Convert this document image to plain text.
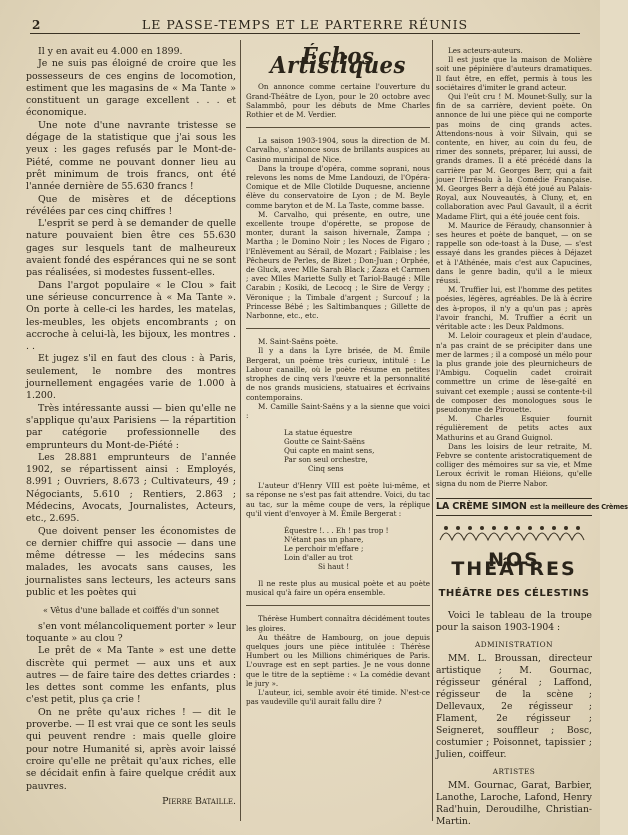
2	LE PASSE-TEMPS ET LE PARTERRE RÉUNIS

Il y en avait eu 4.000 en 1899.

Je ne suis pas éloigné de croire que les possesseurs de ces engins de locomotion, estiment que les magasins de « Ma Tante » constituent un garage excellent . . . et économique.

Une note d'une navrante tristesse se dégage de la statistique que j'ai sous les yeux : les gages refusés par le Mont-de-Piété, comme ne pouvant donner lieu au prêt minimum de trois francs, ont été l'année dernière de 55.630 francs !

Que de misères et de déceptions révélées par ces cinq chiffres !

L'esprit se perd à se demander de quelle nature pouvaient bien être ces 55.630 gages sur lesquels tant de malheureux avaient fondé des espérances qui ne se sont pas réalisées, si modestes fussent-elles.

Dans l'argot populaire « le Clou » fait une sérieuse concurrence à « Ma Tante ». On porte à celle-ci les hardes, les matelas, les-meubles, les objets encombrants ; on accroche à celui-là, les bijoux, les montres . . .

Et jugez s'il en faut des clous : à Paris, seulement, le nombre des montres journellement engagées varie de 1.000 à 1.200.

Très intéressante aussi — bien qu'elle ne s'applique qu'aux Parisiens — la répartition par catégorie professionnelle des emprunteurs du Mont-de-Piété :

Les 28.881 emprunteurs de l'année 1902, se répartissent ainsi : Employés, 8.991 ; Ouvriers, 8.673 ; Cultivateurs, 49 ; Négociants, 5.610 ; Rentiers, 2.863 ; Médecins, Avocats, Journalistes, Acteurs, etc., 2.695.

Que doivent penser les économistes de ce dernier chiffre qui associe — dans une même détresse — les médecins sans malades, les avocats sans causes, les journalistes sans lecteurs, les acteurs sans public et les poètes qui

« Vêtus d'une ballade et coiffés d'un sonnet

s'en vont mélancoliquement porter » leur toquante » au clou ?

Le prêt de « Ma Tante » est une dette discrète qui permet — aux uns et aux autres — de faire taire des dettes criardes : les dettes sont comme les enfants, plus c'est petit, plus ça crie !

On ne prête qu'aux riches ! — dit le proverbe. — Il est vrai que ce sont les seuls qui peuvent rendre : mais quelle gloire pour notre Humanité si, après avoir laissé croire qu'elle ne prêtait qu'aux riches, elle se décidait enfin à faire quelque crédit aux pauvres.

Pierre Bataille.
Échos Artistiques

On annonce comme certaine l'ouverture du Grand-Théâtre de Lyon, pour le 20 octobre avec Salammbô, pour les débuts de Mme Charles Rothier et de M. Verdier.

La saison 1903-1904, sous la direction de M. Carvalho, s'annonce sous de brillants auspices au Casino municipal de Nice.

Dans la troupe d'opéra, comme soprani, nous relevons les noms de Mme Landouzi, de l'Opéra-Comique et de Mlle Clotilde Duquesne, ancienne élève du conservatoire de Lyon ; de M. Beyle comme baryton et de M. La Taste, comme basse.

M. Carvalho, qui présente, en outre, une excellente troupe d'opérette, se propose de monter, durant la saison hivernale, Zampa ; Martha ; le Domino Noir ; les Noces de Figaro ; l'Enlèvement au Sérail, de Mozart ; Faiblaise ; les Pêcheurs de Perles, de Bizet ; Don-Juan ; Orphée, de Gluck, avec Mlle Sarah Black ; Zaza et Carmen ; avec Mlles Mariette Sully et Tariol-Baugé : Mlle Carabin ; Kosiki, de Lecocq ; le Sire de Vergy ; Véronique ; la Timbale d'argent ; Surcouf ; la Princesse Bébé ; les Saltimbanques ; Gillette de Narbonne, etc., etc.

M. Saint-Saëns poète.

Il y a dans la Lyre brisée, de M. Émile Bergerat, un poème très curieux, intitulé : Le Labour canaille, où le poète résume en petites strophes de cinq vers l'œuvre et la personnalité de nos grands musiciens, statuaires et écrivains contemporains.

M. Camille Saint-Saëns y a la sienne que voici :

La statue équestre
Goutte ce Saint-Saëns
Qui capte en maint sens,
Par son seul orchestre,
Cinq sens

L'auteur d'Henry VIII est poète lui-même, et sa réponse ne s'est pas fait attendre. Voici, du tac au tac, sur la même coupe de vers, la réplique qu'il vient d'envoyer à M. Émile Bergerat :

Équestre !. . . Eh ! pas trop !
N'étant pas un phare,
Le perchoir m'effare ;
Loin d'aller au trot
Si haut !

Il ne reste plus au musical poète et au poète musical qu'à faire un opéra ensemble.

Thérèse Humbert connaîtra décidément toutes les gloires.

Au théâtre de Hambourg, on joue depuis quelques jours une pièce intitulée : Thérèse Humbert ou les Millions chimériques de Paris. L'ouvrage est en sept parties. Je ne vous donne que le titre de la septième : « La comédie devant le jury ».

L'auteur, ici, semble avoir été timide. N'est-ce pas vaudeville qu'il aurait fallu dire ?

Les acteurs-auteurs.

Il est juste que la maison de Molière soit une pépinière d'auteurs dramatiques. Il faut être, en effet, permis à tous les sociétaires d'imiter le grand acteur.

Qui l'eût cru ! M. Mounet-Sully, sur la fin de sa carrière, devient poète. On annonce de lui une pièce qui ne comporte pas moins de cinq grands actes. Attendons-nous à voir Silvain, qui se contente, en hiver, au coin du feu, de rimer des sonnets, préparer, lui aussi, de grands drames. Il a été précédé dans la carrière par M. Georges Berr, qui a fait jouer l'Irrésolu à la Comédie Française. M. Georges Berr a déjà été joué au Palais-Royal, aux Nouveautés, à Cluny, et, en collaboration avec Paul Gavault, il a écrit Madame Flirt, qui a été jouée cent fois.

M. Maurice de Féraudy, chansonnier à ses heures et poète de banquet, — on se rappelle son ode-toast à la Duse, — s'est essayé dans les grandes pièces à Déjazet et à l'Athénée, mais c'est aux Capucines, dans le genre badin, qu'il a le mieux réussi.

M. Truffier lui, est l'homme des petites poésies, légères, agréables. De là à écrire des à-propos, il n'y a qu'un pas ; après l'avoir franchi, M. Truffier a écrit un véritable acte : les Deux Paldmons.

M. Leloir courageux et plein d'audace, n'a pas craint de se précipiter dans une mer de larmes ; il a composé un mélo pour la plus grande joie des pleurnicheurs de l'Ambigu. Coquelin cadet croirait commettre un crime de lèse-gaîté en suivant cet exemple ; aussi se contente-t-il de composer des monologues sous le pseudonyme de Pirouette.

M. Charles Esquier fournit régulièrement de petits actes aux Mathurins et au Grand Guignol.

Dans les loisirs de leur retraite, M. Febvre se contente aristocratiquement de colliger des mémoires sur sa vie, et Mme Leroux écrivit le roman Hiéions, qu'elle signa du nom de Pierre Nabor.

LA CRÈME SIMON est la meilleure des Crèmes
NOS THÉÂTRES
THÉÂTRE DES CÉLESTINS

Voici le tableau de la troupe pour la saison 1903-1904 :

ADMINISTRATION

MM. L. Broussan, directeur artistique ; M. Gournac, régisseur général ; Laffond, régisseur de la scène ; Dellevaux, 2e régisseur ; Flament, 2e régisseur ; Seigneret, souffleur ; Bosc, costumier ; Poisonnet, tapissier ; Julien, coiffeur.

ARTISTES

MM. Gournac, Garat, Barbier, Lanothe, Laroche, Lafond, Henry Rad'huin, Deroudilhe, Christian-Martin.
